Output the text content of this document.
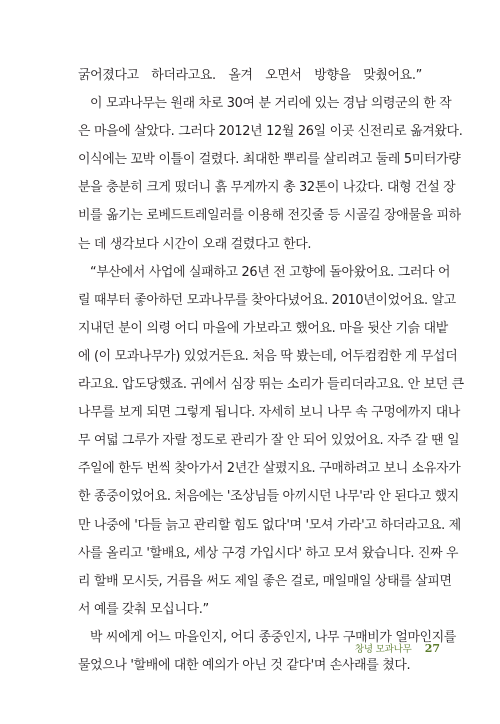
굵어졌다고 하더라고요. 올겨 오면서 방향을 맞췄어요.”
이 모과나무는 원래 차로 30여 분 거리에 있는 경남 의령군의 한 작
은 마을에 살았다. 그러다 2012년 12월 26일 이곳 신전리로 옮겨왔다.
이식에는 꼬박 이틀이 걸렸다. 최대한 뿌리를 살리려고 둘레 5미터가량
분을 충분히 크게 떴더니 흙 무게까지 총 32톤이 나갔다. 대형 건설 장
비를 옮기는 로베드트레일러를 이용해 전깃줄 등 시골길 장애물을 피하
는 데 생각보다 시간이 오래 걸렸다고 한다.
“부산에서 사업에 실패하고 26년 전 고향에 돌아왔어요. 그러다 어
릴 때부터 좋아하던 모과나무를 찾아다녔어요. 2010년이었어요. 알고
지내던 분이 의령 어디 마을에 가보라고 했어요. 마을 뒷산 기슭 대밭
에 (이 모과나무가) 있었거든요. 처음 딱 봤는데, 어두컴컴한 게 무섭더
라고요. 압도당했죠. 귀에서 심장 뛰는 소리가 들리더라고요. 안 보던 큰
나무를 보게 되면 그렇게 됩니다. 자세히 보니 나무 속 구멍에까지 대나
무 여덟 그루가 자랄 정도로 관리가 잘 안 되어 있었어요. 자주 갈 땐 일
주일에 한두 번씩 찾아가서 2년간 살폈지요. 구매하려고 보니 소유자가
한 종중이었어요. 처음에는 '조상님들 아끼시던 나무'라 안 된다고 했지
만 나중에 '다들 늙고 관리할 힘도 없다'며 '모셔 가라'고 하더라고요. 제
사를 올리고 '할배요, 세상 구경 가입시다' 하고 모셔 왔습니다. 진짜 우
리 할배 모시듯, 거름을 써도 제일 좋은 걸로, 매일매일 상태를 살피면
서 예를 갖춰 모십니다.”
박 씨에게 어느 마을인지, 어디 종중인지, 나무 구매비가 얼마인지를
물었으나 '할배에 대한 예의가 아닌 것 같다'며 손사래를 쳤다.
창녕 모과나무 27
